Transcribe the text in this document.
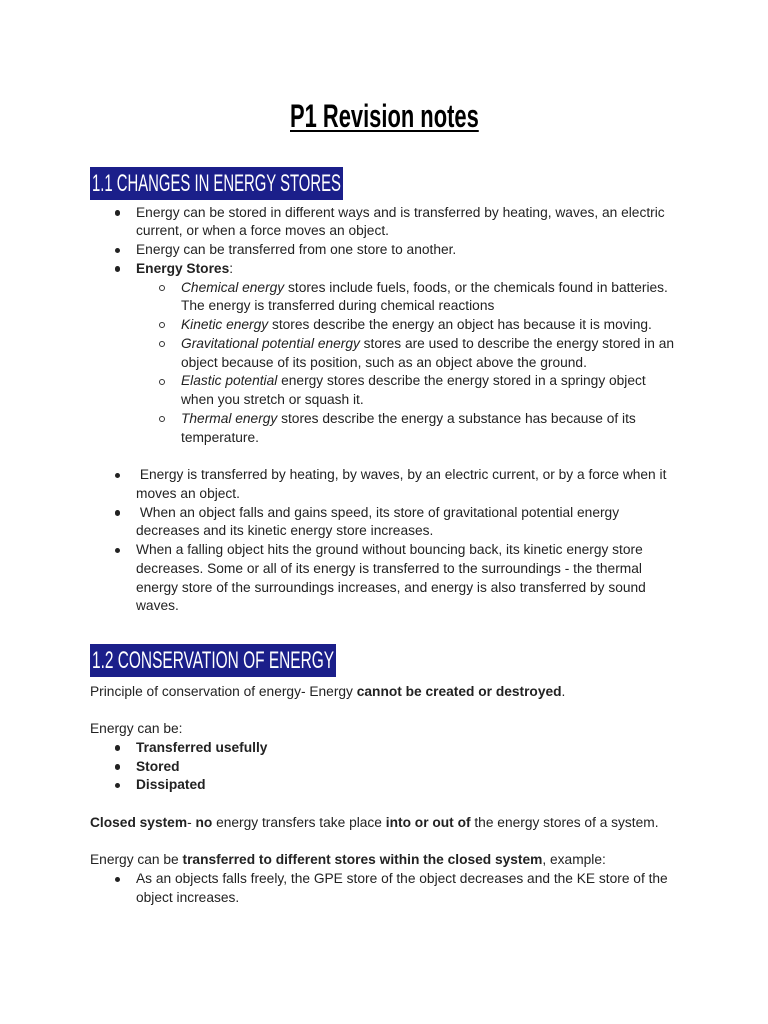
P1 Revision notes
1.1 CHANGES IN ENERGY STORES
Energy can be stored in different ways and is transferred by heating, waves, an electric current, or when a force moves an object.
Energy can be transferred from one store to another.
Energy Stores:
Chemical energy stores include fuels, foods, or the chemicals found in batteries. The energy is transferred during chemical reactions
Kinetic energy stores describe the energy an object has because it is moving.
Gravitational potential energy stores are used to describe the energy stored in an object because of its position, such as an object above the ground.
Elastic potential energy stores describe the energy stored in a springy object when you stretch or squash it.
Thermal energy stores describe the energy a substance has because of its temperature.
Energy is transferred by heating, by waves, by an electric current, or by a force when it moves an object.
When an object falls and gains speed, its store of gravitational potential energy decreases and its kinetic energy store increases.
When a falling object hits the ground without bouncing back, its kinetic energy store decreases. Some or all of its energy is transferred to the surroundings - the thermal energy store of the surroundings increases, and energy is also transferred by sound waves.
1.2 CONSERVATION OF ENERGY

Principle of conservation of energy- Energy cannot be created or destroyed.

Energy can be:

Transferred usefully
Stored
Dissipated

Closed system- no energy transfers take place into or out of the energy stores of a system.

Energy can be transferred to different stores within the closed system, example:

As an objects falls freely, the GPE store of the object decreases and the KE store of the object increases.
